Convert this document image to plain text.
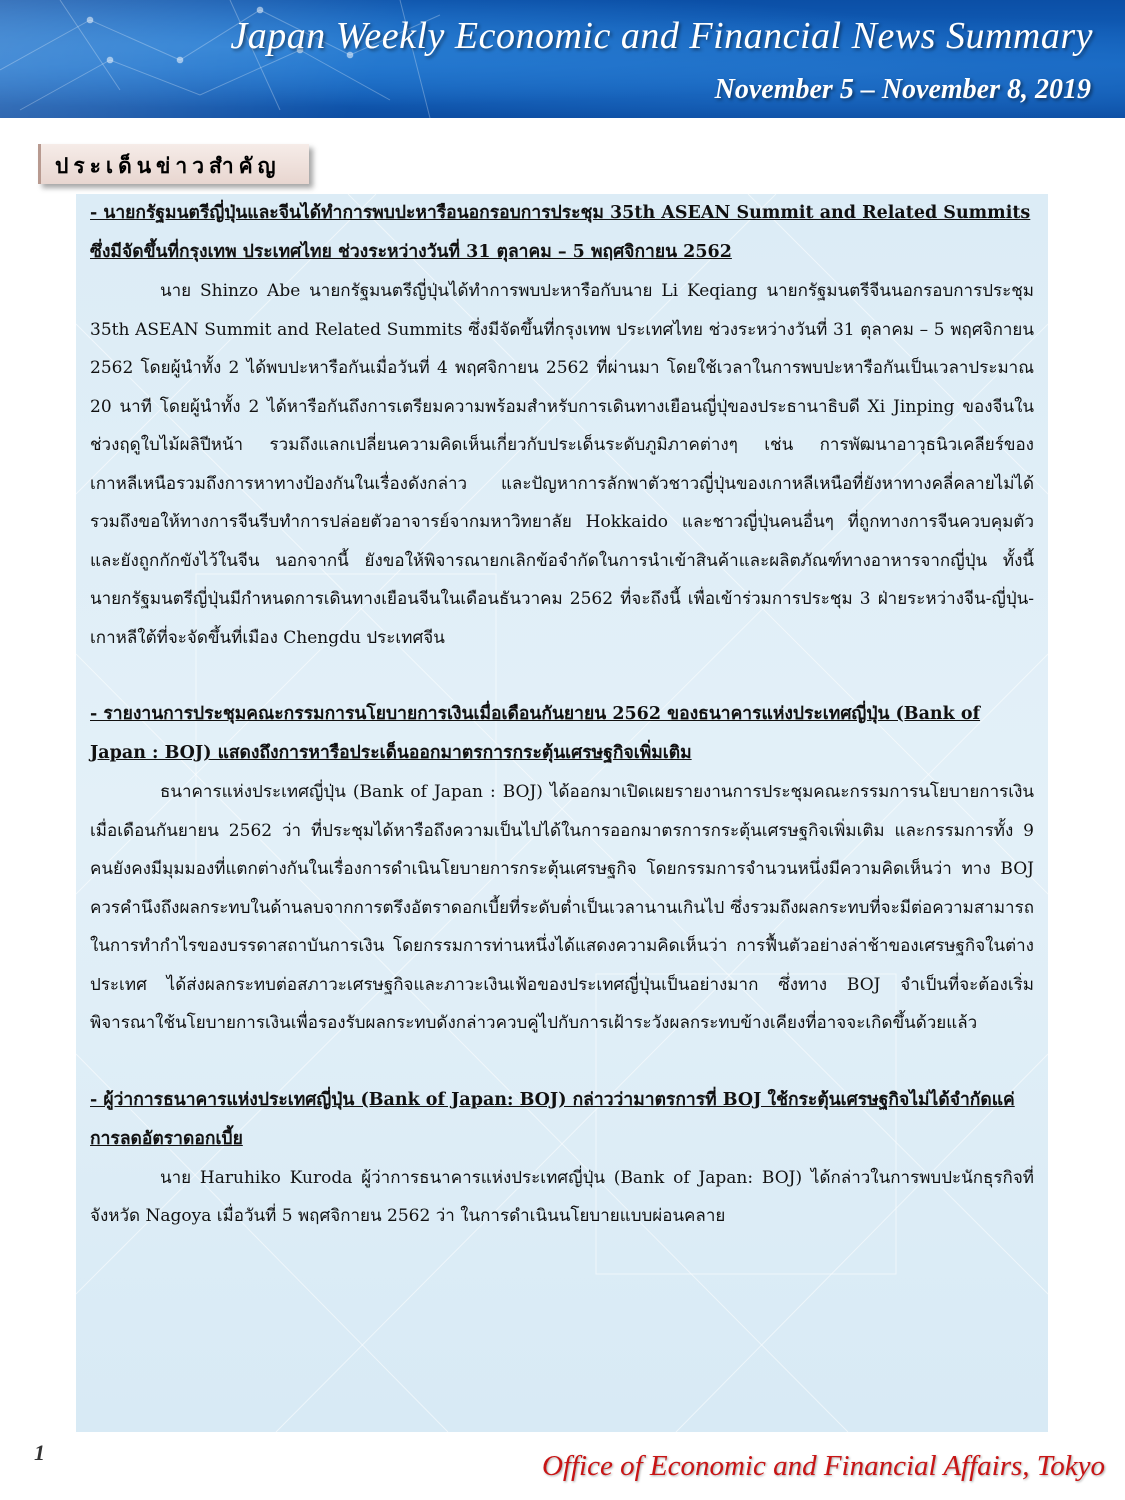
Japan Weekly Economic and Financial News Summary
November 5 – November 8, 2019
ประเด็นข่าวสำคัญ

- นายกรัฐมนตรีญี่ปุ่นและจีนได้ทำการพบปะหารือนอกรอบการประชุม 35th ASEAN Summit and Related Summits ซึ่งมีจัดขึ้นที่กรุงเทพ ประเทศไทย ช่วงระหว่างวันที่ 31 ตุลาคม – 5 พฤศจิกายน 2562

นาย Shinzo Abe นายกรัฐมนตรีญี่ปุ่นได้ทำการพบปะหารือกับนาย Li Keqiang นายกรัฐมนตรีจีนนอกรอบการประชุม 35th ASEAN Summit and Related Summits ซึ่งมีจัดขึ้นที่กรุงเทพ ประเทศไทย ช่วงระหว่างวันที่ 31 ตุลาคม – 5 พฤศจิกายน 2562 โดยผู้นำทั้ง 2 ได้พบปะหารือกันเมื่อวันที่ 4 พฤศจิกายน 2562 ที่ผ่านมา โดยใช้เวลาในการพบปะหารือกันเป็นเวลาประมาณ 20 นาที โดยผู้นำทั้ง 2 ได้หารือกันถึงการเตรียมความพร้อมสำหรับการเดินทางเยือนญี่ปุ่ของประธานาธิบดี Xi Jinping ของจีนในช่วงฤดูใบไม้ผลิปีหน้า รวมถึงแลกเปลี่ยนความคิดเห็นเกี่ยวกับประเด็นระดับภูมิภาคต่างๆ เช่น การพัฒนาอาวุธนิวเคลียร์ของเกาหลีเหนือรวมถึงการหาทางป้องกันในเรื่องดังกล่าว และปัญหาการลักพาตัวชาวญี่ปุ่นของเกาหลีเหนือที่ยังหาทางคลี่คลายไม่ได้ รวมถึงขอให้ทางการจีนรีบทำการปล่อยตัวอาจารย์จากมหาวิทยาลัย Hokkaido และชาวญี่ปุ่นคนอื่นๆ ที่ถูกทางการจีนควบคุมตัวและยังถูกกักขังไว้ในจีน นอกจากนี้ ยังขอให้พิจารณายกเลิกข้อจำกัดในการนำเข้าสินค้าและผลิตภัณฑ์ทางอาหารจากญี่ปุ่น ทั้งนี้ นายกรัฐมนตรีญี่ปุ่นมีกำหนดการเดินทางเยือนจีนในเดือนธันวาคม 2562 ที่จะถึงนี้ เพื่อเข้าร่วมการประชุม 3 ฝ่ายระหว่างจีน-ญี่ปุ่น-เกาหลีใต้ที่จะจัดขึ้นที่เมือง Chengdu ประเทศจีน

- รายงานการประชุมคณะกรรมการนโยบายการเงินเมื่อเดือนกันยายน 2562 ของธนาคารแห่งประเทศญี่ปุ่น (Bank of Japan : BOJ) แสดงถึงการหารือประเด็นออกมาตรการกระตุ้นเศรษฐกิจเพิ่มเติม

ธนาคารแห่งประเทศญี่ปุ่น (Bank of Japan : BOJ) ได้ออกมาเปิดเผยรายงานการประชุมคณะกรรมการนโยบายการเงินเมื่อเดือนกันยายน 2562 ว่า ที่ประชุมได้หารือถึงความเป็นไปได้ในการออกมาตรการกระตุ้นเศรษฐกิจเพิ่มเติม และกรรมการทั้ง 9 คนยังคงมีมุมมองที่แตกต่างกันในเรื่องการดำเนินโยบายการกระตุ้นเศรษฐกิจ โดยกรรมการจำนวนหนึ่งมีความคิดเห็นว่า ทาง BOJ ควรคำนึงถึงผลกระทบในด้านลบจากการตรึงอัตราดอกเบี้ยที่ระดับต่ำเป็นเวลานานเกินไป ซึ่งรวมถึงผลกระทบที่จะมีต่อความสามารถในการทำกำไรของบรรดาสถาบันการเงิน โดยกรรมการท่านหนึ่งได้แสดงความคิดเห็นว่า การฟื้นตัวอย่างล่าช้าของเศรษฐกิจในต่างประเทศ ได้ส่งผลกระทบต่อสภาวะเศรษฐกิจและภาวะเงินเฟ้อของประเทศญี่ปุ่นเป็นอย่างมาก ซึ่งทาง BOJ จำเป็นที่จะต้องเริ่มพิจารณาใช้นโยบายการเงินเพื่อรองรับผลกระทบดังกล่าวควบคู่ไปกับการเฝ้าระวังผลกระทบข้างเคียงที่อาจจะเกิดขึ้นด้วยแล้ว

- ผู้ว่าการธนาคารแห่งประเทศญี่ปุ่น (Bank of Japan: BOJ) กล่าวว่ามาตรการที่ BOJ ใช้กระตุ้นเศรษฐกิจไม่ได้จำกัดแค่การลดอัตราดอกเบี้ย

นาย Haruhiko Kuroda ผู้ว่าการธนาคารแห่งประเทศญี่ปุ่น (Bank of Japan: BOJ) ได้กล่าวในการพบปะนักธุรกิจที่จังหวัด Nagoya เมื่อวันที่ 5 พฤศจิกายน 2562 ว่า ในการดำเนินนโยบายแบบผ่อนคลาย

1	Office of Economic and Financial Affairs, Tokyo
